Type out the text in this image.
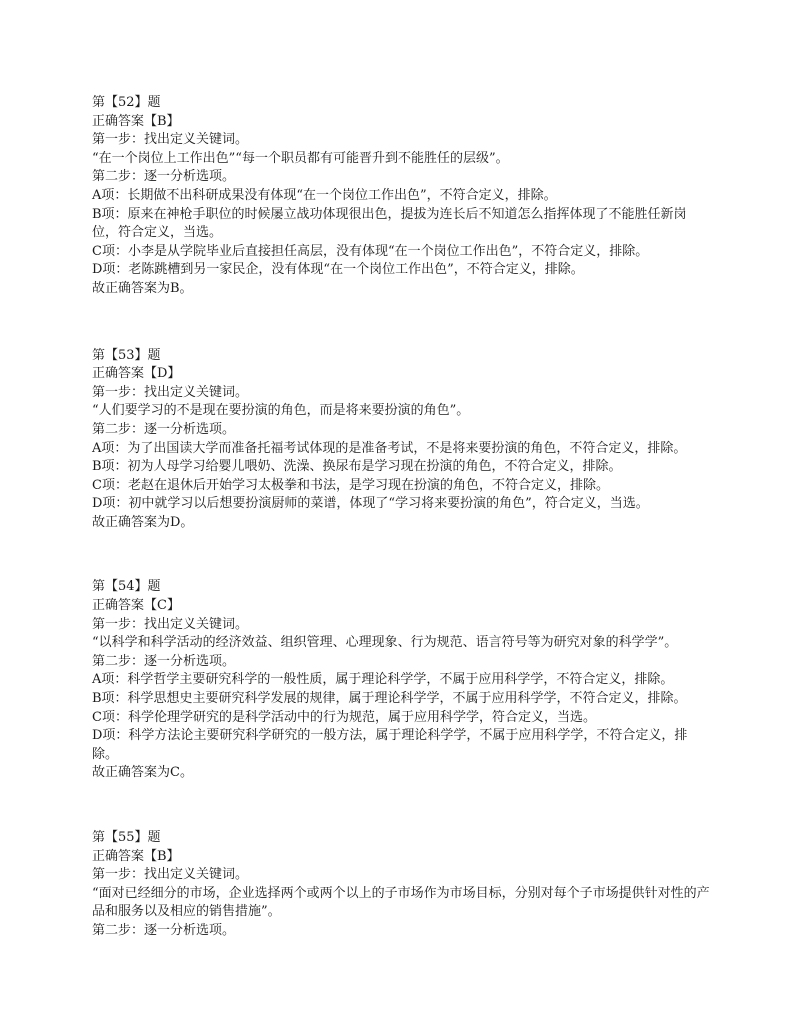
第【52】题

正确答案【B】

第一步：找出定义关键词。

“在一个岗位上工作出色”“每一个职员都有可能晋升到不能胜任的层级”。

第二步：逐一分析选项。

A项：长期做不出科研成果没有体现“在一个岗位工作出色”，不符合定义，排除。

B项：原来在神枪手职位的时候屡立战功体现很出色，提拔为连长后不知道怎么指挥体现了不能胜任新岗位，符合定义，当选。

C项：小李是从学院毕业后直接担任高层，没有体现“在一个岗位工作出色”，不符合定义，排除。

D项：老陈跳槽到另一家民企，没有体现“在一个岗位工作出色”，不符合定义，排除。

故正确答案为B。

第【53】题

正确答案【D】

第一步：找出定义关键词。

“人们要学习的不是现在要扮演的角色，而是将来要扮演的角色”。

第二步：逐一分析选项。

A项：为了出国读大学而准备托福考试体现的是准备考试，不是将来要扮演的角色，不符合定义，排除。

B项：初为人母学习给婴儿喂奶、洗澡、换尿布是学习现在扮演的角色，不符合定义，排除。

C项：老赵在退休后开始学习太极拳和书法，是学习现在扮演的角色，不符合定义，排除。

D项：初中就学习以后想要扮演厨师的菜谱，体现了“学习将来要扮演的角色”，符合定义，当选。

故正确答案为D。

第【54】题

正确答案【C】

第一步：找出定义关键词。

“以科学和科学活动的经济效益、组织管理、心理现象、行为规范、语言符号等为研究对象的科学学”。

第二步：逐一分析选项。

A项：科学哲学主要研究科学的一般性质，属于理论科学学，不属于应用科学学，不符合定义，排除。

B项：科学思想史主要研究科学发展的规律，属于理论科学学，不属于应用科学学，不符合定义，排除。

C项：科学伦理学研究的是科学活动中的行为规范，属于应用科学学，符合定义，当选。

D项：科学方法论主要研究科学研究的一般方法，属于理论科学学，不属于应用科学学，不符合定义，排除。

故正确答案为C。

第【55】题

正确答案【B】

第一步：找出定义关键词。

“面对已经细分的市场，企业选择两个或两个以上的子市场作为市场目标，分别对每个子市场提供针对性的产品和服务以及相应的销售措施”。

第二步：逐一分析选项。
